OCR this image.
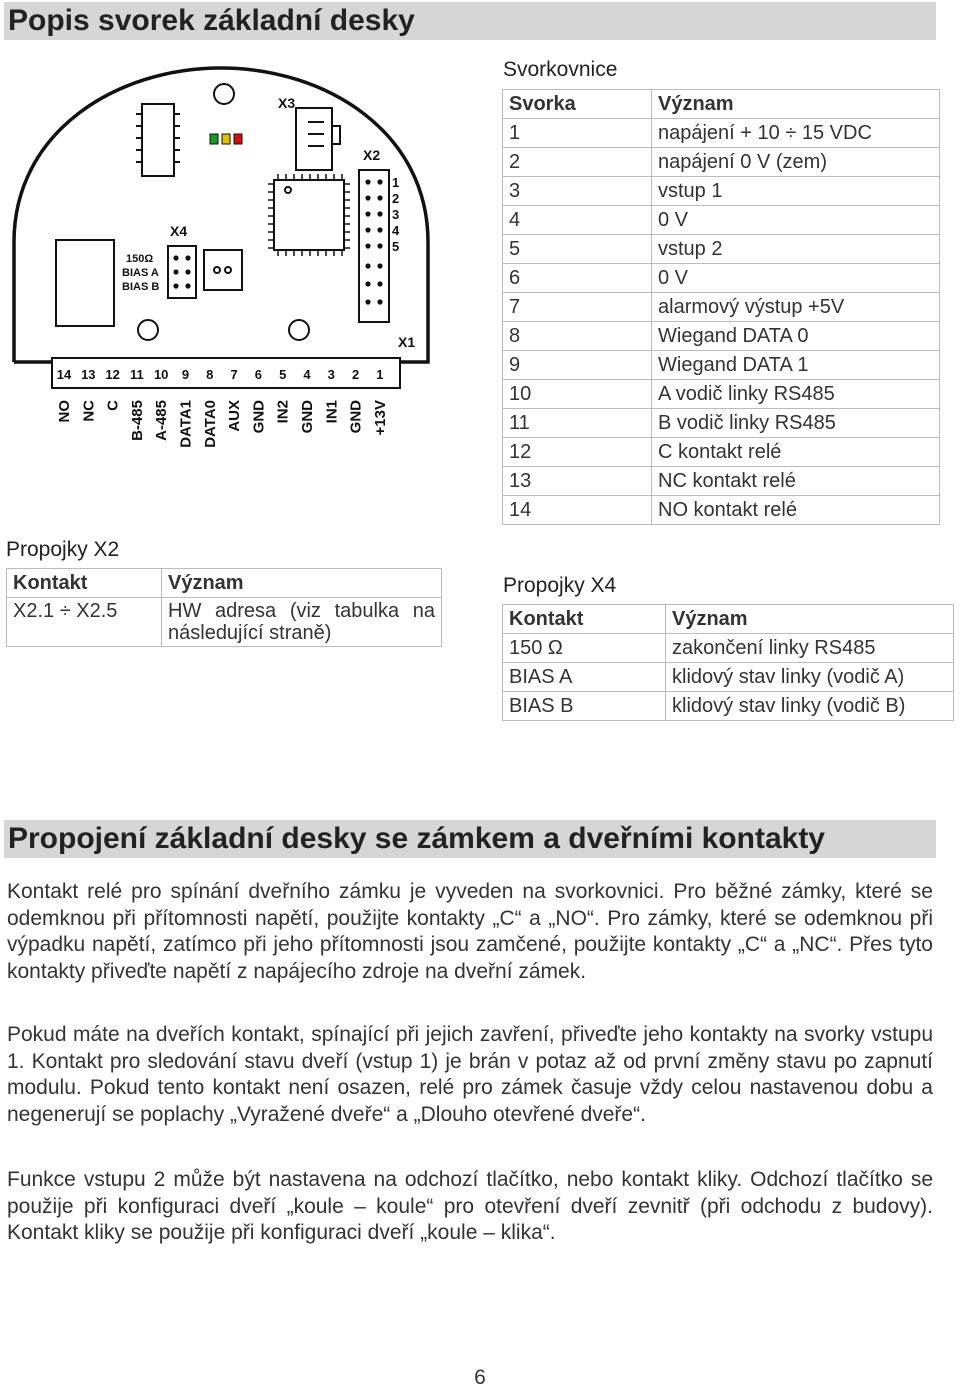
Popis svorek základní desky
X3
X2
1
2
3
4
5
X4
150Ω
BIAS A
BIAS B
X1
14 13 12 11 10 9 8 7 6 5 4 3 2 1
NO NC C B-485 A-485 DATA1 DATA0 AUX GND IN2 GND IN1 GND +13V
Svorkovnice
Svorka	Význam
1	napájení + 10 ÷ 15 VDC
2	napájení 0 V (zem)
3	vstup 1
4	0 V
5	vstup 2
6	0 V
7	alarmový výstup +5V
8	Wiegand DATA 0
9	Wiegand DATA 1
10	A vodič linky RS485
11	B vodič linky RS485
12	C kontakt relé
13	NC kontakt relé
14	NO kontakt relé
Propojky X2
Kontakt	Význam
X2.1 ÷ X2.5	HW adresa (viz tabulka na následující straně)
Propojky X4
Kontakt	Význam
150 Ω	zakončení linky RS485
BIAS A	klidový stav linky (vodič A)
BIAS B	klidový stav linky (vodič B)
Propojení základní desky se zámkem a dveřními kontakty

Kontakt relé pro spínání dveřního zámku je vyveden na svorkovnici. Pro běžné zámky, které se odemknou při přítomnosti napětí, použijte kontakty „C“ a „NO“. Pro zámky, které se odemknou při výpadku napětí, zatímco při jeho přítomnosti jsou zamčené, použijte kontakty „C“ a „NC“. Přes tyto kontakty přiveďte napětí z napájecího zdroje na dveřní zámek.

Pokud máte na dveřích kontakt, spínající při jejich zavření, přiveďte jeho kontakty na svorky vstupu 1. Kontakt pro sledování stavu dveří (vstup 1) je brán v potaz až od první změny stavu po zapnutí modulu. Pokud tento kontakt není osazen, relé pro zámek časuje vždy celou nastavenou dobu a negenerují se poplachy „Vyražené dveře“ a „Dlouho otevřené dveře“.

Funkce vstupu 2 může být nastavena na odchozí tlačítko, nebo kontakt kliky. Odchozí tlačítko se použije při konfiguraci dveří „koule – koule“ pro otevření dveří zevnitř (při odchodu z budovy). Kontakt kliky se použije při konfiguraci dveří „koule – klika“.

6
